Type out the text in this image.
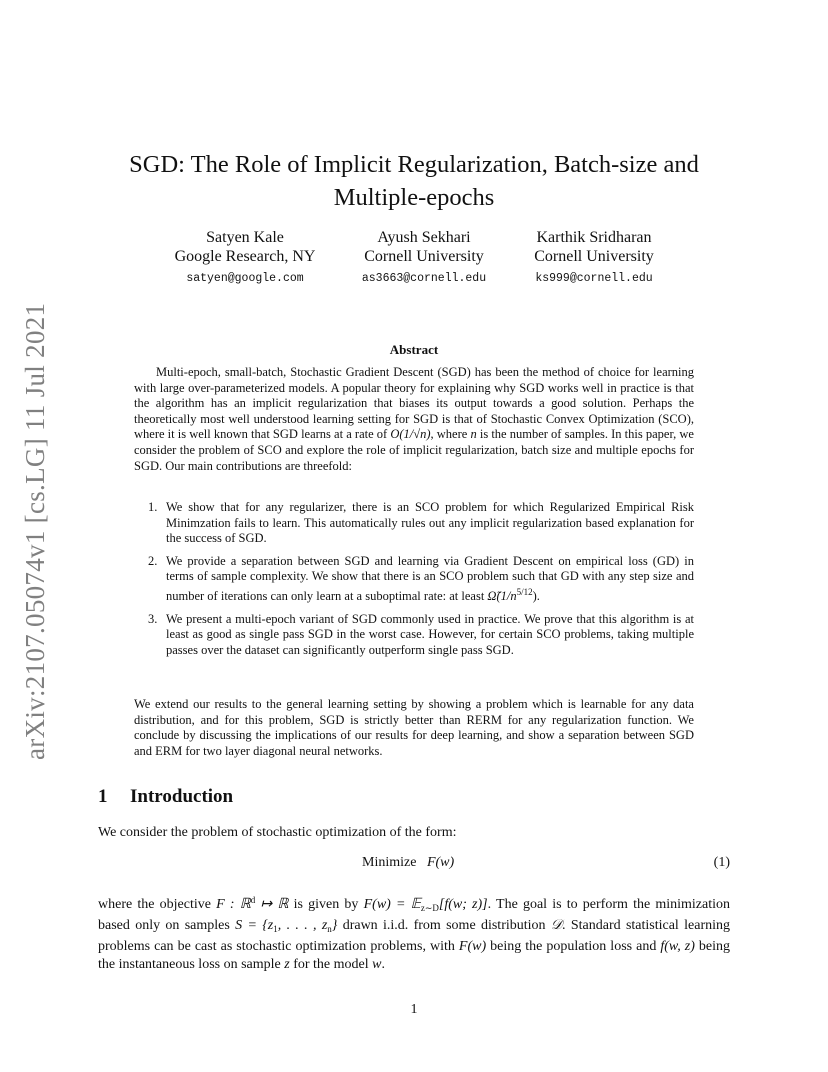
arXiv:2107.05074v1 [cs.LG] 11 Jul 2021
SGD: The Role of Implicit Regularization, Batch-size and
Multiple-epochs
Satyen Kale
Google Research, NY
satyen@google.com
Ayush Sekhari
Cornell University
as3663@cornell.edu
Karthik Sridharan
Cornell University
ks999@cornell.edu
Abstract
Multi-epoch, small-batch, Stochastic Gradient Descent (SGD) has been the method of choice for learning with large over-parameterized models. A popular theory for explaining why SGD works well in practice is that the algorithm has an implicit regularization that biases its output towards a good solution. Perhaps the theoretically most well understood learning setting for SGD is that of Stochastic Convex Optimization (SCO), where it is well known that SGD learns at a rate of O(1/√n), where n is the number of samples. In this paper, we consider the problem of SCO and explore the role of implicit regularization, batch size and multiple epochs for SGD. Our main contributions are threefold:
1. We show that for any regularizer, there is an SCO problem for which Regularized Empirical Risk Minimzation fails to learn. This automatically rules out any implicit regularization based explanation for the success of SGD.
2. We provide a separation between SGD and learning via Gradient Descent on empirical loss (GD) in terms of sample complexity. We show that there is an SCO problem such that GD with any step size and number of iterations can only learn at a suboptimal rate: at least $\Omegã(1/n^{5/12})$.
3. We present a multi-epoch variant of SGD commonly used in practice. We prove that this algorithm is at least as good as single pass SGD in the worst case. However, for certain SCO problems, taking multiple passes over the dataset can significantly outperform single pass SGD.
We extend our results to the general learning setting by showing a problem which is learnable for any data distribution, and for this problem, SGD is strictly better than RERM for any regularization function. We conclude by discussing the implications of our results for deep learning, and show a separation between SGD and ERM for two layer diagonal neural networks.
1 Introduction
We consider the problem of stochastic optimization of the form:
Minimize F(w)	(1)
where the objective F : ℝ$^d$ ↦ ℝ is given by F(w) = 𝔼$_{z\sim D}$[f(w; z)]. The goal is to perform the minimization based only on samples $S = \{z_1$, . . . , $z_n$} drawn i.i.d. from some distribution 𝒟. Standard statistical learning problems can be cast as stochastic optimization problems, with F(w) being the population loss and f(w, z) being the instantaneous loss on sample z for the model w.
1
